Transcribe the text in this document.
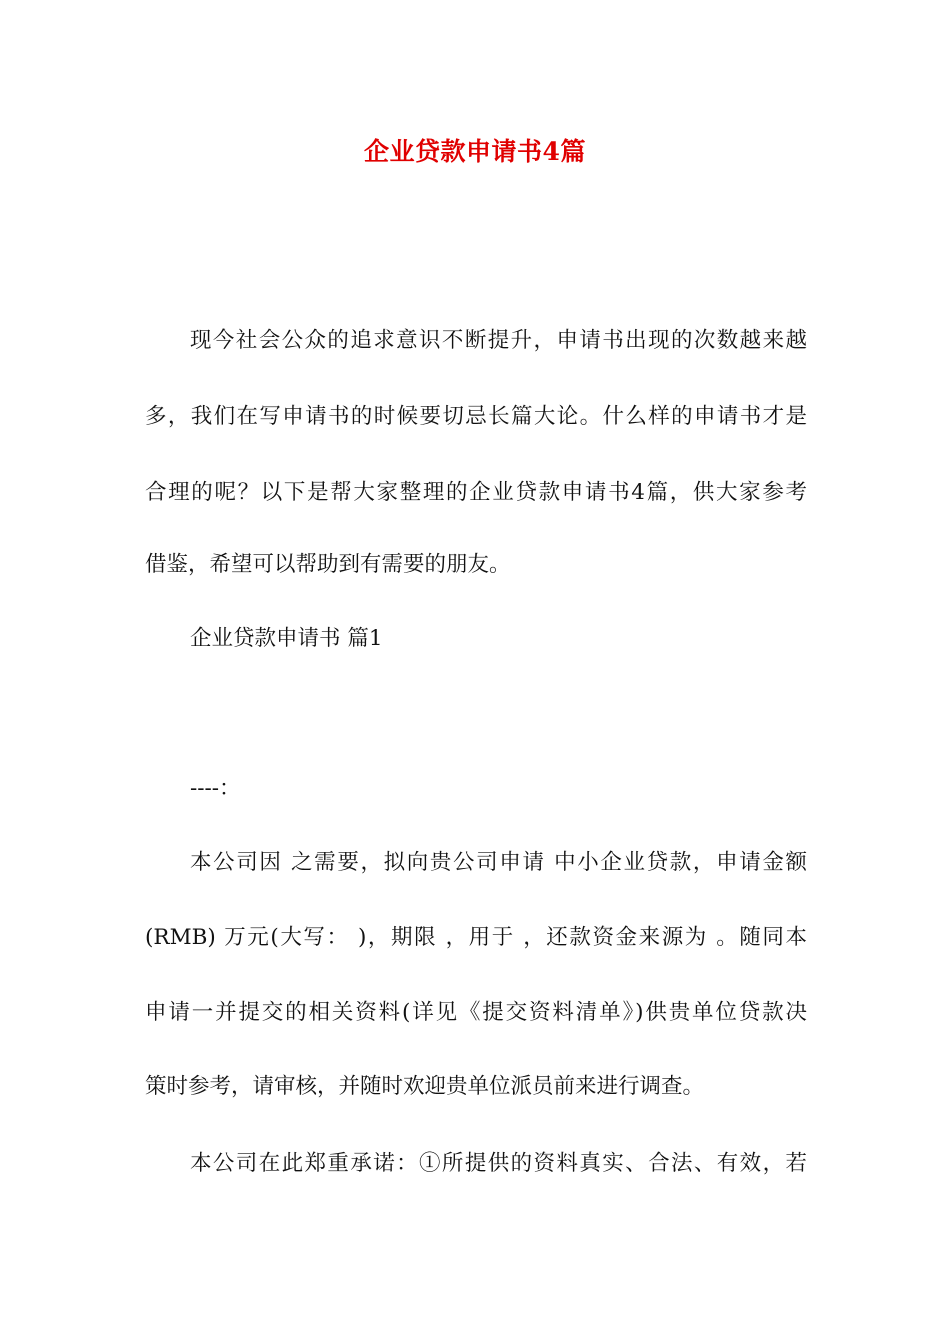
企业贷款申请书4篇

现今社会公众的追求意识不断提升，申请书出现的次数越来越

多，我们在写申请书的时候要切忌长篇大论。什么样的申请书才是

合理的呢？以下是帮大家整理的企业贷款申请书4篇，供大家参考

借鉴，希望可以帮助到有需要的朋友。

企业贷款申请书 篇1

----：

本公司因 之需要，拟向贵公司申请 中小企业贷款，申请金额

(RMB) 万元(大写： )，期限 ，用于 ，还款资金来源为 。随同本

申请一并提交的相关资料(详见《提交资料清单》)供贵单位贷款决

策时参考，请审核，并随时欢迎贵单位派员前来进行调查。

本公司在此郑重承诺：①所提供的资料真实、合法、有效，若
